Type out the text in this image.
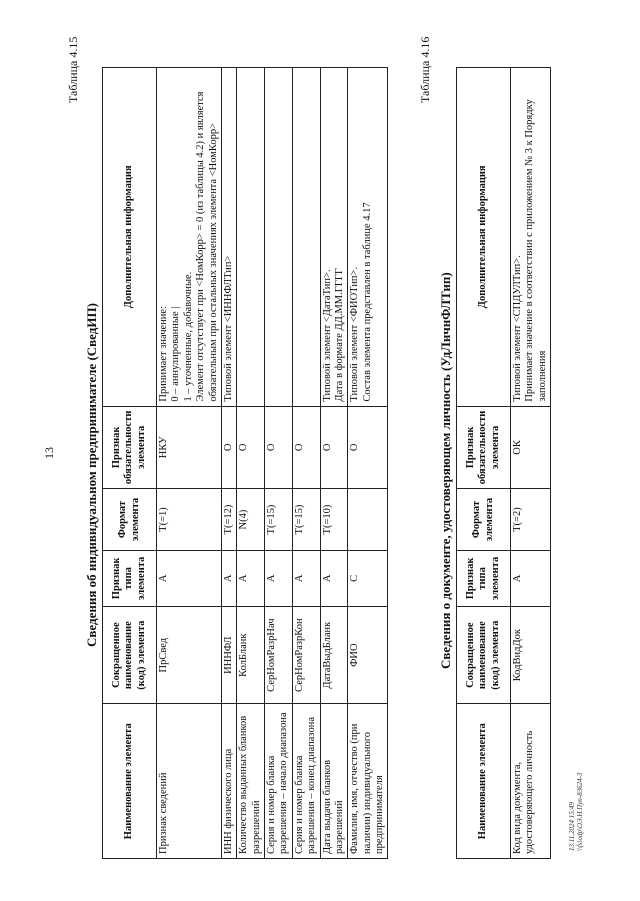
13
Таблица 4.15
Сведения об индивидуальном предпринимателе (СведИП)
Наименование элемента	Сокращенное наименование (код) элемента	Признак типа элемента	Формат элемента	Признак обязательности элемента	Дополнительная информация
Признак сведений	ПрСвед	А	T(=1)	НКУ	Принимает значение:
0 – аннулированные |
1 – уточненные, добавочные.
Элемент отсутствует при <НомКорр> = 0 (из таблицы 4.2) и является обязательным при остальных значениях элемента <НомКорр>
ИНН физического лица	ИННФЛ	А	T(=12)	О	Типовой элемент <ИННФЛТип>
Количество выданных бланков разрешений	КолБланк	А	N(4)	О	
Серия и номер бланка разрешения – начало диапазона	СерНомРазрНач	А	T(=15)	О	
Серия и номер бланка разрешения – конец диапазона	СерНомРазрКон	А	T(=15)	О	
Дата выдачи бланков разрешений	ДатаВыдБланк	А	T(=10)	О	Типовой элемент <ДатаТип>.
Дата в формате ДД.ММ.ГГГГ
Фамилия, имя, отчество (при наличии) индивидуального предпринимателя	ФИО	С		О	Типовой элемент <ФИОТип>.
Состав элемента представлен в таблице 4.17
Таблица 4.16
Сведения о документе, удостоверяющем личность (УдЛичнФЛТип)
Наименование элемента	Сокращенное наименование (код) элемента	Признак типа элемента	Формат элемента	Признак обязательности элемента	Дополнительная информация
Код вида документа, удостоверяющего личность	КодВидДок	А	T(=2)	ОК	Типовой элемент <СПДУЛТип>.
Принимает значение в соответствии с приложением № 3 к Порядку заполнения
13.11.2024 15:49 \\fs\odp\ОЭ.Н.Пуп-83624-3
